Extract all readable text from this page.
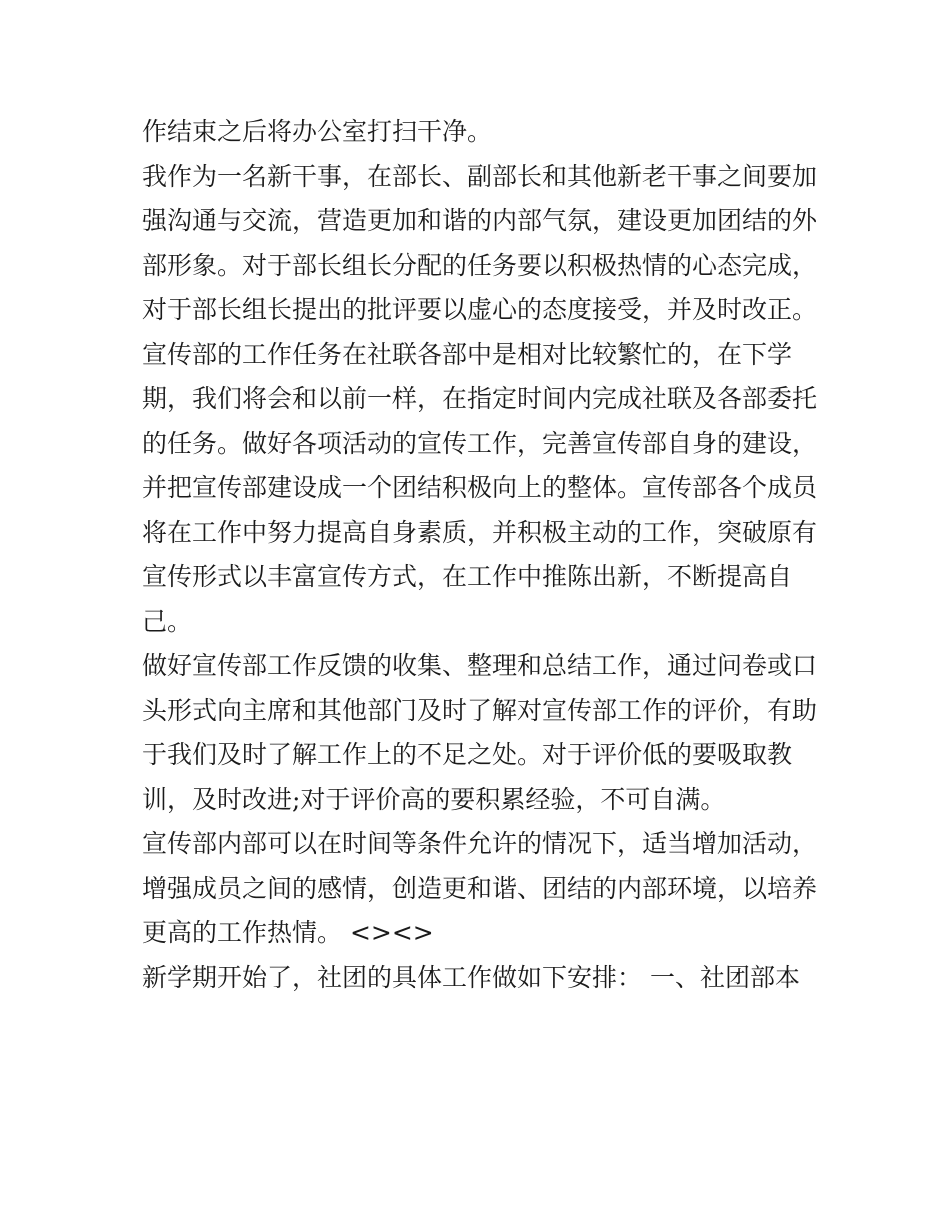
作结束之后将办公室打扫干净。
我作为一名新干事，在部长、副部长和其他新老干事之间要加
强沟通与交流，营造更加和谐的内部气氛，建设更加团结的外
部形象。对于部长组长分配的任务要以积极热情的心态完成，
对于部长组长提出的批评要以虚心的态度接受，并及时改正。
宣传部的工作任务在社联各部中是相对比较繁忙的，在下学
期，我们将会和以前一样，在指定时间内完成社联及各部委托
的任务。做好各项活动的宣传工作，完善宣传部自身的建设，
并把宣传部建设成一个团结积极向上的整体。宣传部各个成员
将在工作中努力提高自身素质，并积极主动的工作，突破原有
宣传形式以丰富宣传方式，在工作中推陈出新，不断提高自
己。
做好宣传部工作反馈的收集、整理和总结工作，通过问卷或口
头形式向主席和其他部门及时了解对宣传部工作的评价，有助
于我们及时了解工作上的不足之处。对于评价低的要吸取教
训，及时改进;对于评价高的要积累经验，不可自满。
宣传部内部可以在时间等条件允许的情况下，适当增加活动，
增强成员之间的感情，创造更和谐、团结的内部环境，以培养
更高的工作热情。 <><>
新学期开始了，社团的具体工作做如下安排： 一、社团部本
